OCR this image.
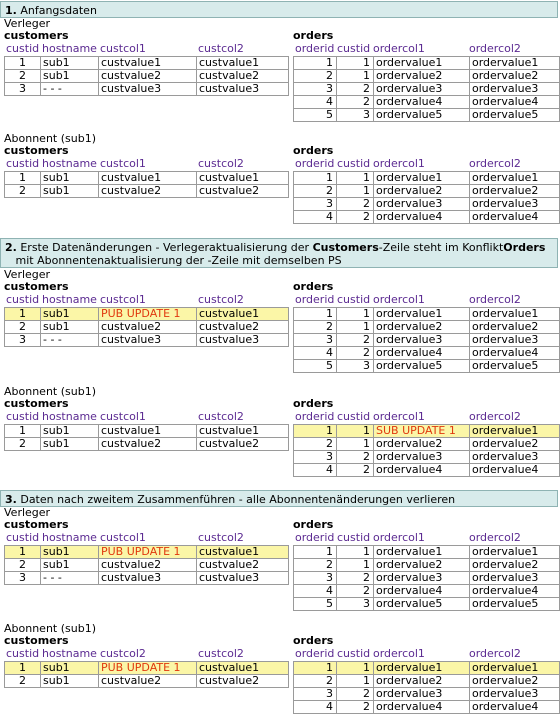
1. Anfangsdaten
Verleger
customers
custid hostname custcol1	custcol2
1	sub1	custvalue1	custvalue1
2	sub1	custvalue2	custvalue2
3	- - -	custvalue3	custvalue3
orders
orderid custid ordercol1	ordercol2
1	1	ordervalue1	ordervalue1
2	1	ordervalue2	ordervalue2
3	2	ordervalue3	ordervalue3
4	2	ordervalue4	ordervalue4
5	3	ordervalue5	ordervalue5
Abonnent (sub1)
customers
custid hostname custcol1	custcol2
1	sub1	custvalue1	custvalue1
2	sub1	custvalue2	custvalue2
orders
orderid custid ordercol1	ordercol2
1	1	ordervalue1	ordervalue1
2	1	ordervalue2	ordervalue2
3	2	ordervalue3	ordervalue3
4	2	ordervalue4	ordervalue4
2. Erste Datenänderungen - Verlegeraktualisierung der Customers-Zeile steht im KonfliktOrders
mit Abonnentenaktualisierung der -Zeile mit demselben PS
Verleger
customers
custid hostname custcol1	custcol2
1	sub1	PUB UPDATE 1	custvalue1
2	sub1	custvalue2	custvalue2
3	- - -	custvalue3	custvalue3
orders
orderid custid ordercol1	ordercol2
1	1	ordervalue1	ordervalue1
2	1	ordervalue2	ordervalue2
3	2	ordervalue3	ordervalue3
4	2	ordervalue4	ordervalue4
5	3	ordervalue5	ordervalue5
Abonnent (sub1)
customers
custid hostname custcol1	custcol2
1	sub1	custvalue1	custvalue1
2	sub1	custvalue2	custvalue2
orders
orderid custid ordercol1	ordercol2
1	1	SUB UPDATE 1	ordervalue1
2	1	ordervalue2	ordervalue2
3	2	ordervalue3	ordervalue3
4	2	ordervalue4	ordervalue4
3. Daten nach zweitem Zusammenführen - alle Abonnentenänderungen verlieren
Verleger
customers
custid hostname custcol1	custcol2
1	sub1	PUB UPDATE 1	custvalue1
2	sub1	custvalue2	custvalue2
3	- - -	custvalue3	custvalue3
orders
orderid custid ordercol1	ordercol2
1	1	ordervalue1	ordervalue1
2	1	ordervalue2	ordervalue2
3	2	ordervalue3	ordervalue3
4	2	ordervalue4	ordervalue4
5	3	ordervalue5	ordervalue5
Abonnent (sub1)
customers
custid hostname custcol2	custcol2
1	sub1	PUB UPDATE 1	custvalue1
2	sub1	custvalue2	custvalue2
orders
orderid custid ordercol1	ordercol2
1	1	ordervalue1	ordervalue1
2	1	ordervalue2	ordervalue2
3	2	ordervalue3	ordervalue3
4	2	ordervalue4	ordervalue4
